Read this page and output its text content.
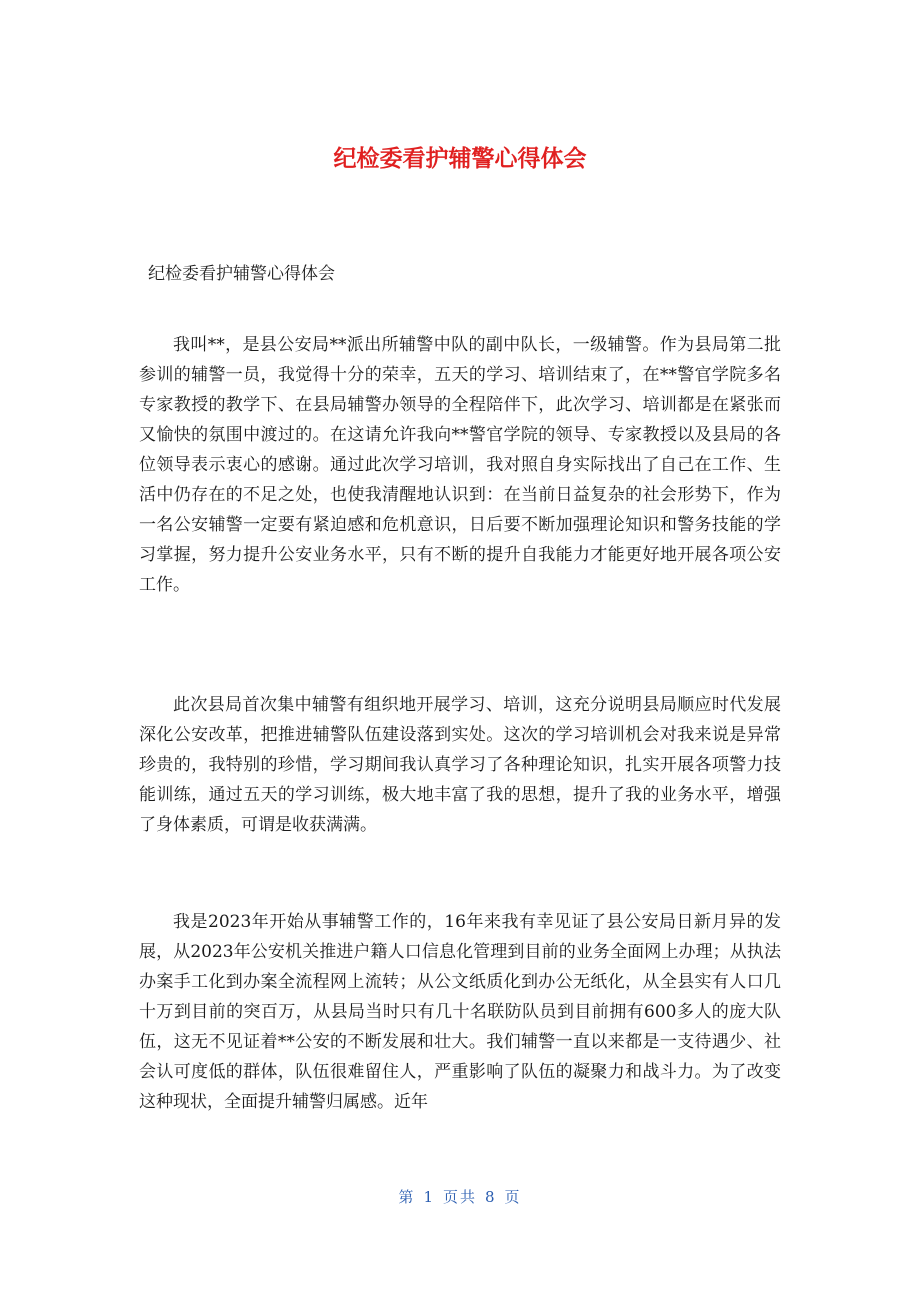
纪检委看护辅警心得体会
纪检委看护辅警心得体会

我叫**，是县公安局**派出所辅警中队的副中队长，一级辅警。作为县局第二批参训的辅警一员，我觉得十分的荣幸，五天的学习、培训结束了，在**警官学院多名专家教授的教学下、在县局辅警办领导的全程陪伴下，此次学习、培训都是在紧张而又愉快的氛围中渡过的。在这请允许我向**警官学院的领导、专家教授以及县局的各位领导表示衷心的感谢。通过此次学习培训，我对照自身实际找出了自己在工作、生活中仍存在的不足之处，也使我清醒地认识到：在当前日益复杂的社会形势下，作为一名公安辅警一定要有紧迫感和危机意识，日后要不断加强理论知识和警务技能的学习掌握，努力提升公安业务水平，只有不断的提升自我能力才能更好地开展各项公安工作。

此次县局首次集中辅警有组织地开展学习、培训，这充分说明县局顺应时代发展深化公安改革，把推进辅警队伍建设落到实处。这次的学习培训机会对我来说是异常珍贵的，我特别的珍惜，学习期间我认真学习了各种理论知识，扎实开展各项警力技能训练，通过五天的学习训练，极大地丰富了我的思想，提升了我的业务水平，增强了身体素质，可谓是收获满满。

我是2023年开始从事辅警工作的，16年来我有幸见证了县公安局日新月异的发展，从2023年公安机关推进户籍人口信息化管理到目前的业务全面网上办理；从执法办案手工化到办案全流程网上流转；从公文纸质化到办公无纸化，从全县实有人口几十万到目前的突百万，从县局当时只有几十名联防队员到目前拥有600多人的庞大队伍，这无不见证着**公安的不断发展和壮大。我们辅警一直以来都是一支待遇少、社会认可度低的群体，队伍很难留住人，严重影响了队伍的凝聚力和战斗力。为了改变这种现状，全面提升辅警归属感。近年

第 1 页共 8 页
